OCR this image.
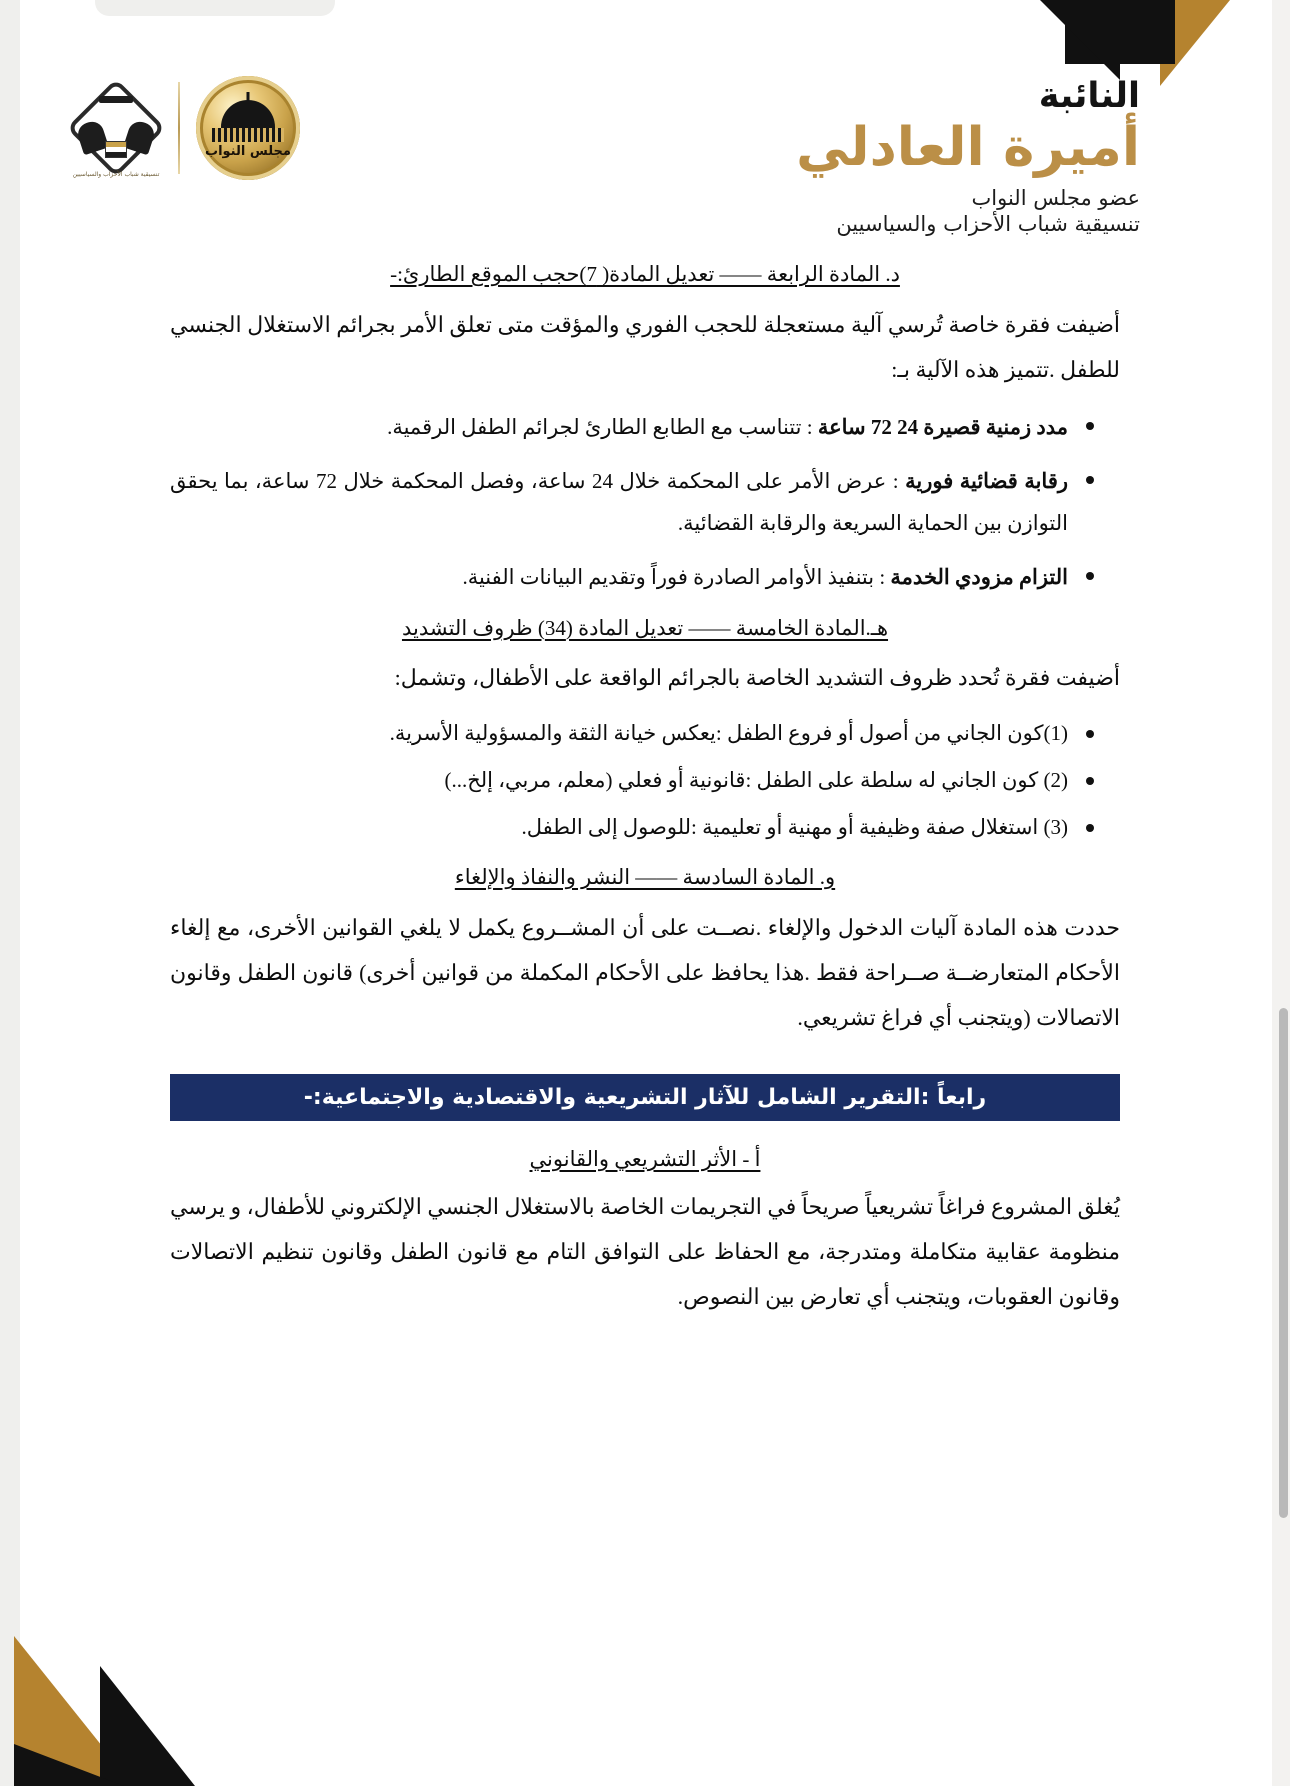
مجلس النواب
تنسيقية شباب الأحزاب والسياسيين
النائبة
أميرة العادلي
عضو مجلس النواب
تنسيقية شباب الأحزاب والسياسيين
د. المادة الرابعة —— تعديل المادة( 7)حجب الموقع الطارئ:-

أضيفت فقرة خاصة تُرسي آلية مستعجلة للحجب الفوري والمؤقت متى تعلق الأمر بجرائم الاستغلال الجنسي للطفل .تتميز هذه الآلية بـ:

مدد زمنية قصيرة 24 72 ساعة : تتناسب مع الطابع الطارئ لجرائم الطفل الرقمية.
رقابة قضائية فورية : عرض الأمر على المحكمة خلال 24 ساعة، وفصل المحكمة خلال 72 ساعة، بما يحقق التوازن بين الحماية السريعة والرقابة القضائية.
التزام مزودي الخدمة : بتنفيذ الأوامر الصادرة فوراً وتقديم البيانات الفنية.
هـ.المادة الخامسة —— تعديل المادة (34) ظروف التشديد

أضيفت فقرة تُحدد ظروف التشديد الخاصة بالجرائم الواقعة على الأطفال، وتشمل:

(1)كون الجاني من أصول أو فروع الطفل :يعكس خيانة الثقة والمسؤولية الأسرية.
(2) كون الجاني له سلطة على الطفل :قانونية أو فعلي (معلم، مربي، إلخ...)
(3) استغلال صفة وظيفية أو مهنية أو تعليمية :للوصول إلى الطفل.
و. المادة السادسة —— النشر والنفاذ والإلغاء

حددت هذه المادة آليات الدخول والإلغاء .نصــت على أن المشــروع يكمل لا يلغي القوانين الأخرى، مع إلغاء الأحكام المتعارضــة صــراحة فقط .هذا يحافظ على الأحكام المكملة من قوانين أخرى) قانون الطفل وقانون الاتصالات (ويتجنب أي فراغ تشريعي.

رابعاً :التقرير الشامل للآثار التشريعية والاقتصادية والاجتماعية:-
أ - الأثر التشريعي والقانوني

يُغلق المشروع فراغاً تشريعياً صريحاً في التجريمات الخاصة بالاستغلال الجنسي الإلكتروني للأطفال، و يرسي منظومة عقابية متكاملة ومتدرجة، مع الحفاظ على التوافق التام مع قانون الطفل وقانون تنظيم الاتصالات وقانون العقوبات، ويتجنب أي تعارض بين النصوص.
